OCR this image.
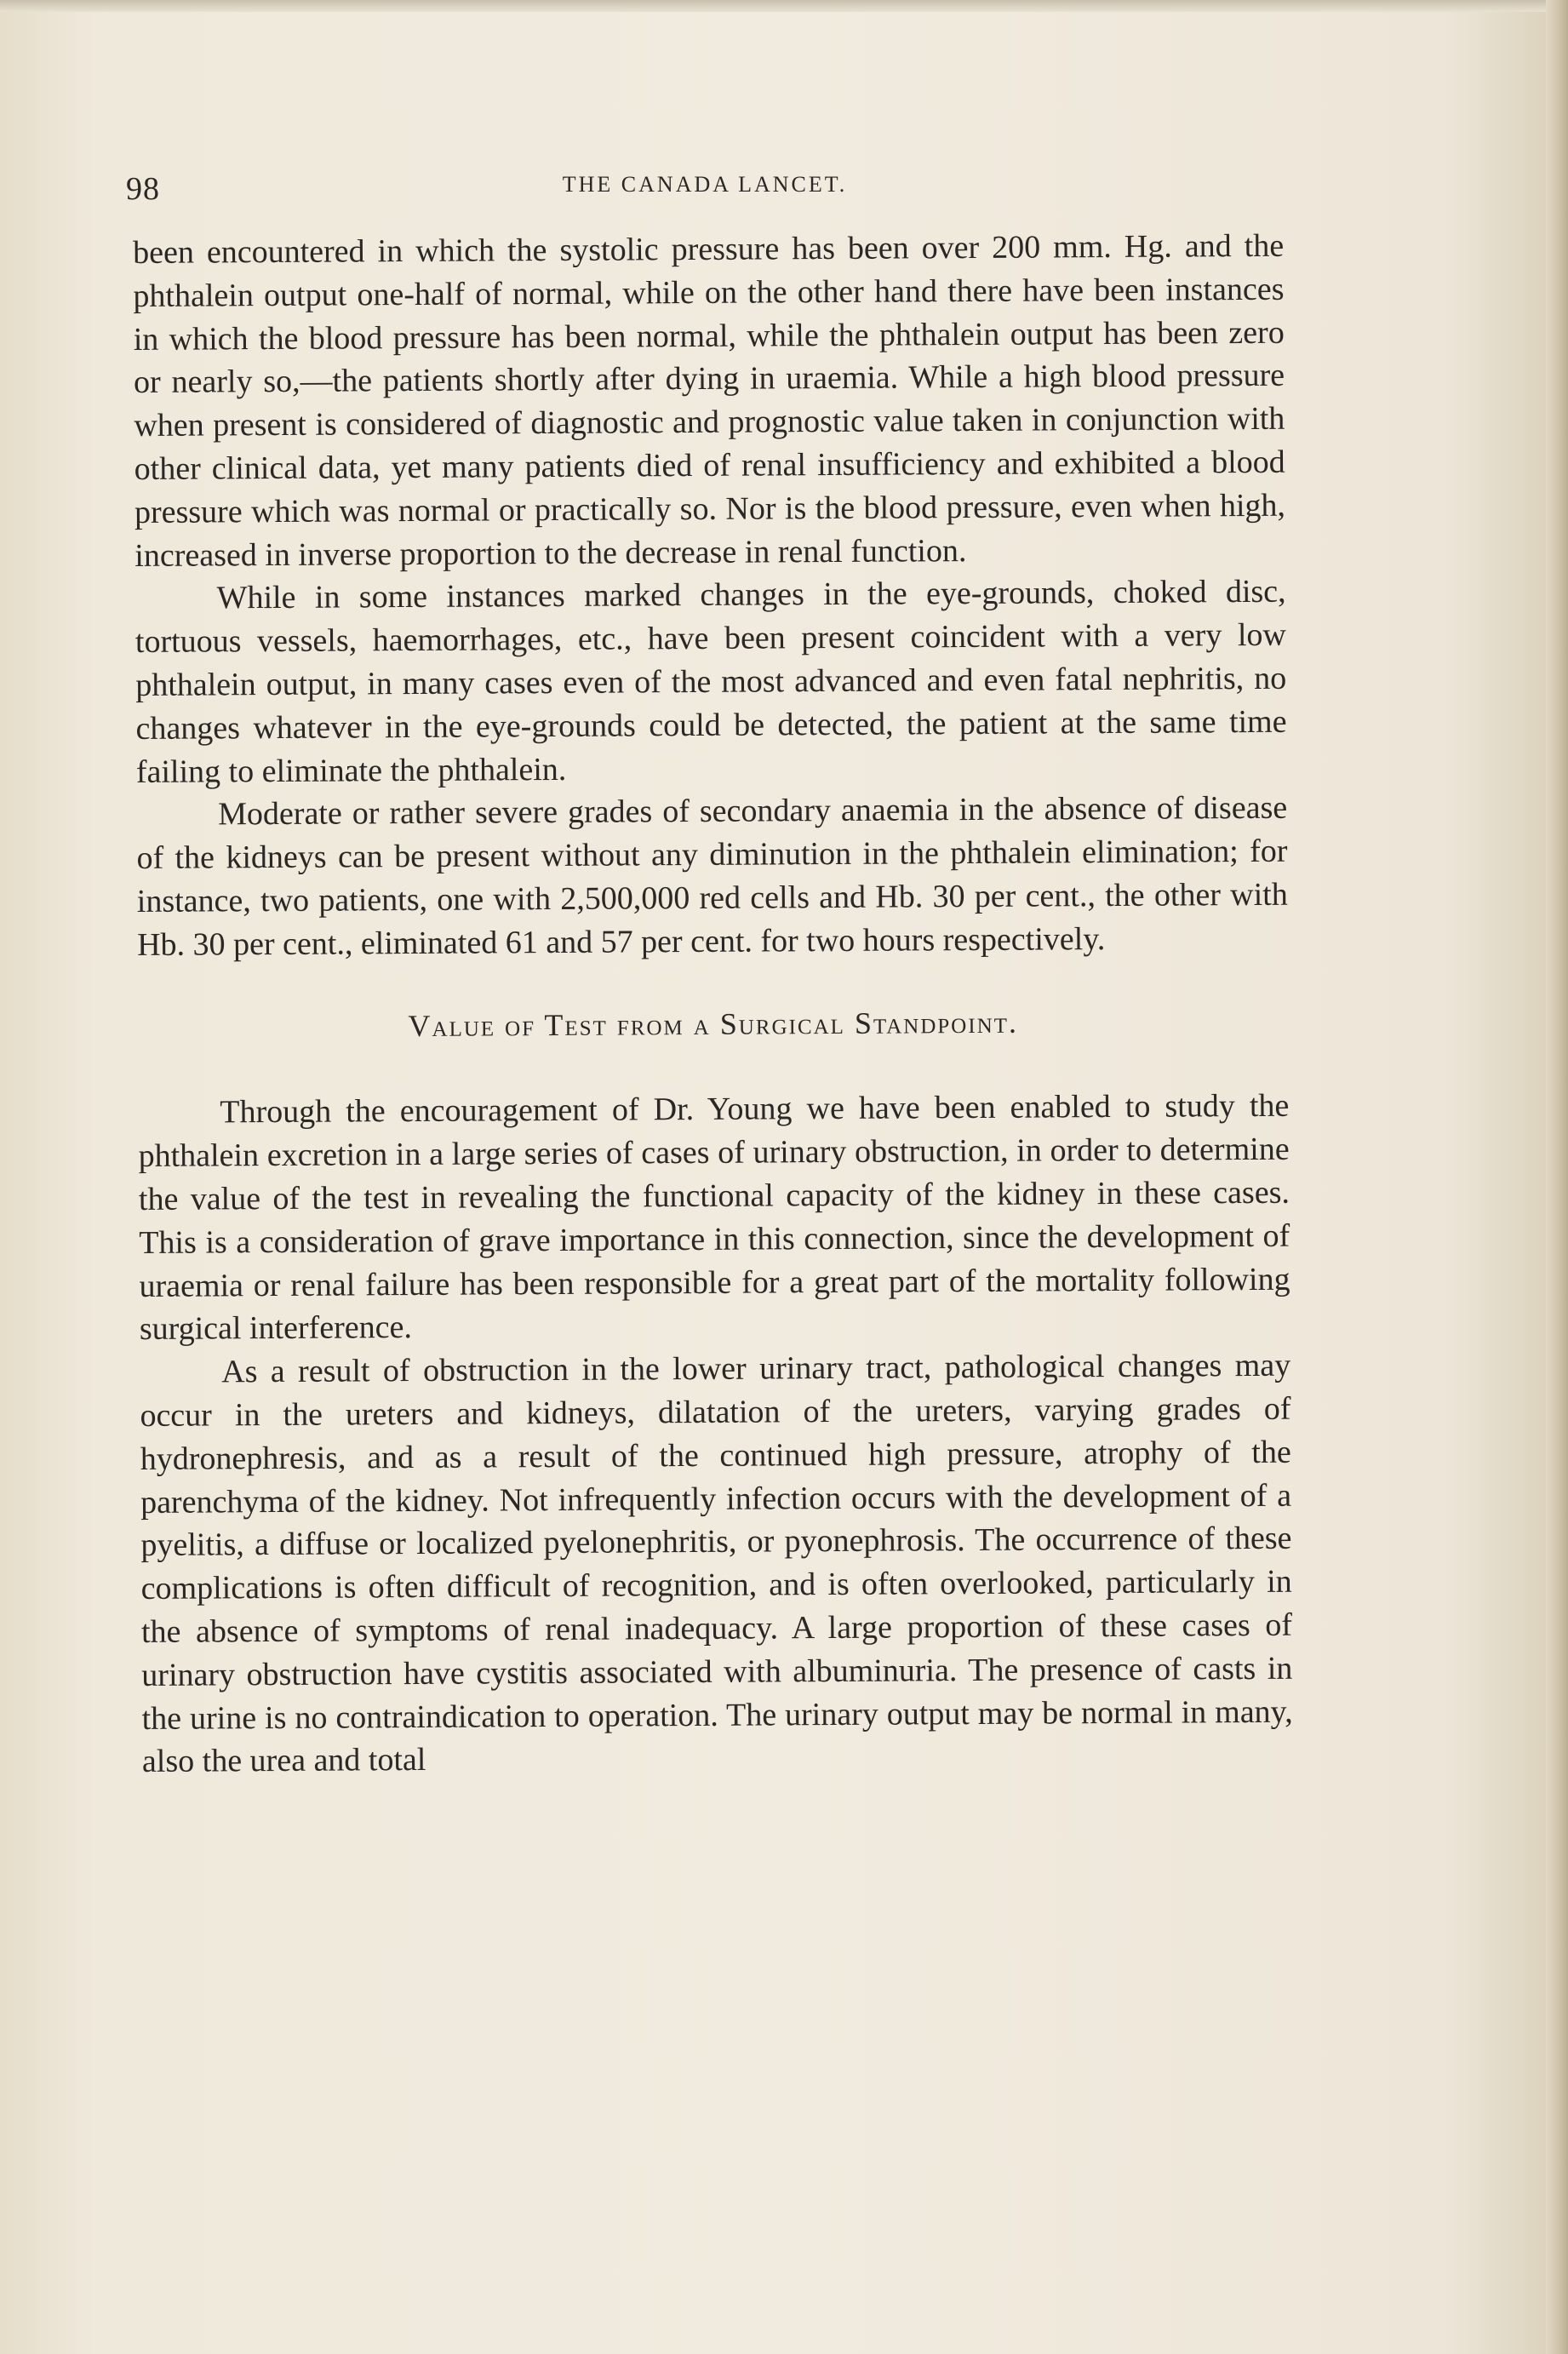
98	THE CANADA LANCET.

been encountered in which the systolic pressure has been over 200 mm. Hg. and the phthalein output one-half of normal, while on the other hand there have been instances in which the blood pressure has been normal, while the phthalein output has been zero or nearly so,—the patients shortly after dying in uraemia. While a high blood pressure when present is considered of diagnostic and prognostic value taken in conjunction with other clinical data, yet many patients died of renal insufficiency and exhibited a blood pressure which was normal or practically so. Nor is the blood pressure, even when high, increased in inverse proportion to the decrease in renal function.

While in some instances marked changes in the eye-grounds, choked disc, tortuous vessels, haemorrhages, etc., have been present coincident with a very low phthalein output, in many cases even of the most advanced and even fatal nephritis, no changes whatever in the eye-grounds could be detected, the patient at the same time failing to eliminate the phthalein.

Moderate or rather severe grades of secondary anaemia in the absence of disease of the kidneys can be present without any diminution in the phthalein elimination; for instance, two patients, one with 2,500,000 red cells and Hb. 30 per cent., the other with Hb. 30 per cent., eliminated 61 and 57 per cent. for two hours respectively.

Value of Test from a Surgical Standpoint.

Through the encouragement of Dr. Young we have been enabled to study the phthalein excretion in a large series of cases of urinary obstruction, in order to determine the value of the test in revealing the functional capacity of the kidney in these cases. This is a consideration of grave importance in this connection, since the development of uraemia or renal failure has been responsible for a great part of the mortality following surgical interference.

As a result of obstruction in the lower urinary tract, pathological changes may occur in the ureters and kidneys, dilatation of the ureters, varying grades of hydronephresis, and as a result of the continued high pressure, atrophy of the parenchyma of the kidney. Not infrequently infection occurs with the development of a pyelitis, a diffuse or localized pyelonephritis, or pyonephrosis. The occurrence of these complications is often difficult of recognition, and is often overlooked, particularly in the absence of symptoms of renal inadequacy. A large proportion of these cases of urinary obstruction have cystitis associated with albuminuria. The presence of casts in the urine is no contraindication to operation. The urinary output may be normal in many, also the urea and total
